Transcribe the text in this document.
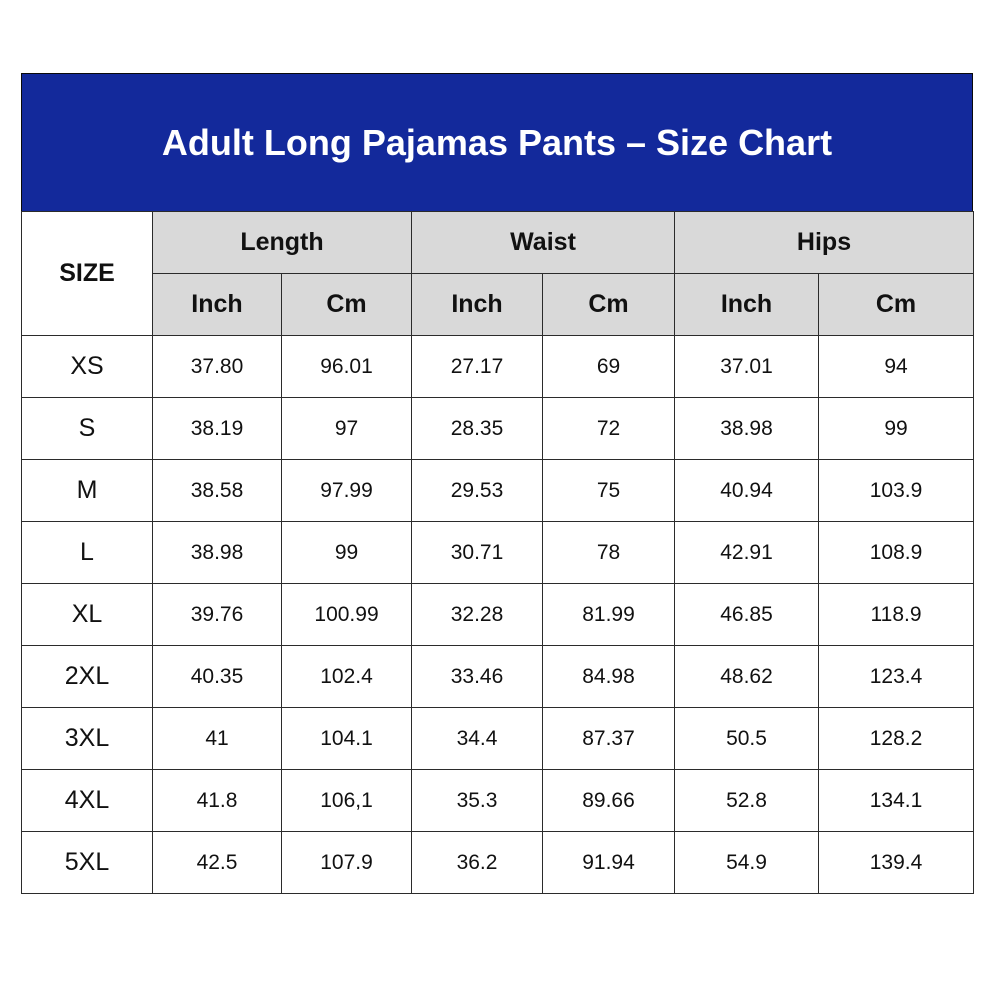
Adult Long Pajamas Pants – Size Chart
SIZE	Length		Waist		Hips	
	Inch	Cm	Inch	Cm	Inch	Cm
XS	37.80	96.01	27.17	69	37.01	94
S	38.19	97	28.35	72	38.98	99
M	38.58	97.99	29.53	75	40.94	103.9
L	38.98	99	30.71	78	42.91	108.9
XL	39.76	100.99	32.28	81.99	46.85	118.9
2XL	40.35	102.4	33.46	84.98	48.62	123.4
3XL	41	104.1	34.4	87.37	50.5	128.2
4XL	41.8	106,1	35.3	89.66	52.8	134.1
5XL	42.5	107.9	36.2	91.94	54.9	139.4
